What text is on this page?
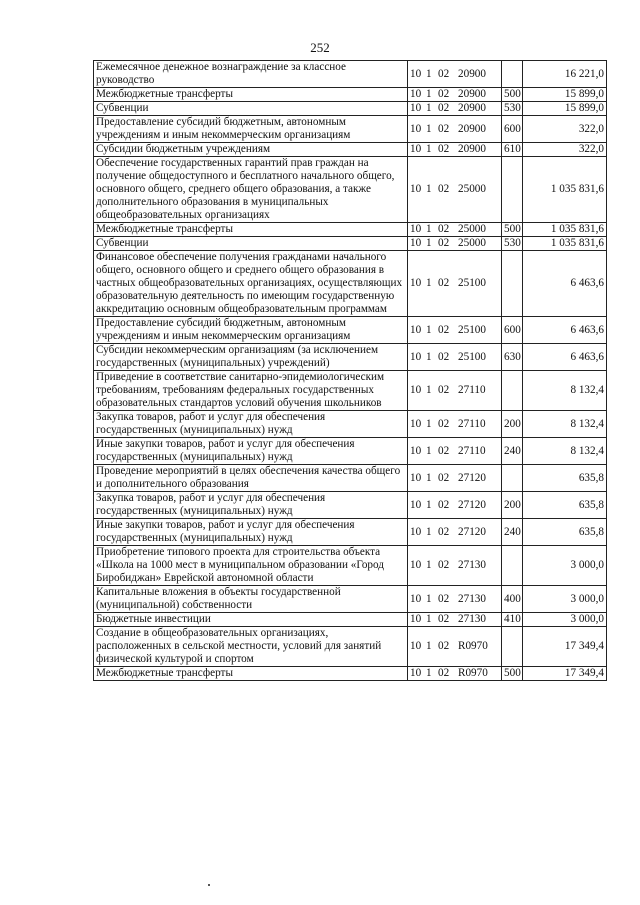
252
Ежемесячное денежное вознаграждение за классное руководство	10 1 02 20900		16 221,0
Межбюджетные трансферты	10 1 02 20900	500	15 899,0
Субвенции	10 1 02 20900	530	15 899,0
Предоставление субсидий бюджетным, автономным учреждениям и иным некоммерческим организациям	10 1 02 20900	600	322,0
Субсидии бюджетным учреждениям	10 1 02 20900	610	322,0
Обеспечение государственных гарантий прав граждан на получение общедоступного и бесплатного начального общего, основного общего, среднего общего образования, а также дополнительного образования в муниципальных общеобразовательных организациях	10 1 02 25000		1 035 831,6
Межбюджетные трансферты	10 1 02 25000	500	1 035 831,6
Субвенции	10 1 02 25000	530	1 035 831,6
Финансовое обеспечение получения гражданами начального общего, основного общего и среднего общего образования в частных общеобразовательных организациях, осуществляющих образовательную деятельность по имеющим государственную аккредитацию основным общеобразовательным программам	10 1 02 25100		6 463,6
Предоставление субсидий бюджетным, автономным учреждениям и иным некоммерческим организациям	10 1 02 25100	600	6 463,6
Субсидии некоммерческим организациям (за исключением государственных (муниципальных) учреждений)	10 1 02 25100	630	6 463,6
Приведение в соответствие санитарно-эпидемиологическим требованиям, требованиям федеральных государственных образовательных стандартов условий обучения школьников	10 1 02 27110		8 132,4
Закупка товаров, работ и услуг для обеспечения государственных (муниципальных) нужд	10 1 02 27110	200	8 132,4
Иные закупки товаров, работ и услуг для обеспечения государственных (муниципальных) нужд	10 1 02 27110	240	8 132,4
Проведение мероприятий в целях обеспечения качества общего и дополнительного образования	10 1 02 27120		635,8
Закупка товаров, работ и услуг для обеспечения государственных (муниципальных) нужд	10 1 02 27120	200	635,8
Иные закупки товаров, работ и услуг для обеспечения государственных (муниципальных) нужд	10 1 02 27120	240	635,8
Приобретение типового проекта для строительства объекта «Школа на 1000 мест в муниципальном образовании «Город Биробиджан» Еврейской автономной области	10 1 02 27130		3 000,0
Капитальные вложения в объекты государственной (муниципальной) собственности	10 1 02 27130	400	3 000,0
Бюджетные инвестиции	10 1 02 27130	410	3 000,0
Создание в общеобразовательных организациях, расположенных в сельской местности, условий для занятий физической культурой и спортом	10 1 02 R0970		17 349,4
Межбюджетные трансферты	10 1 02 R0970	500	17 349,4
